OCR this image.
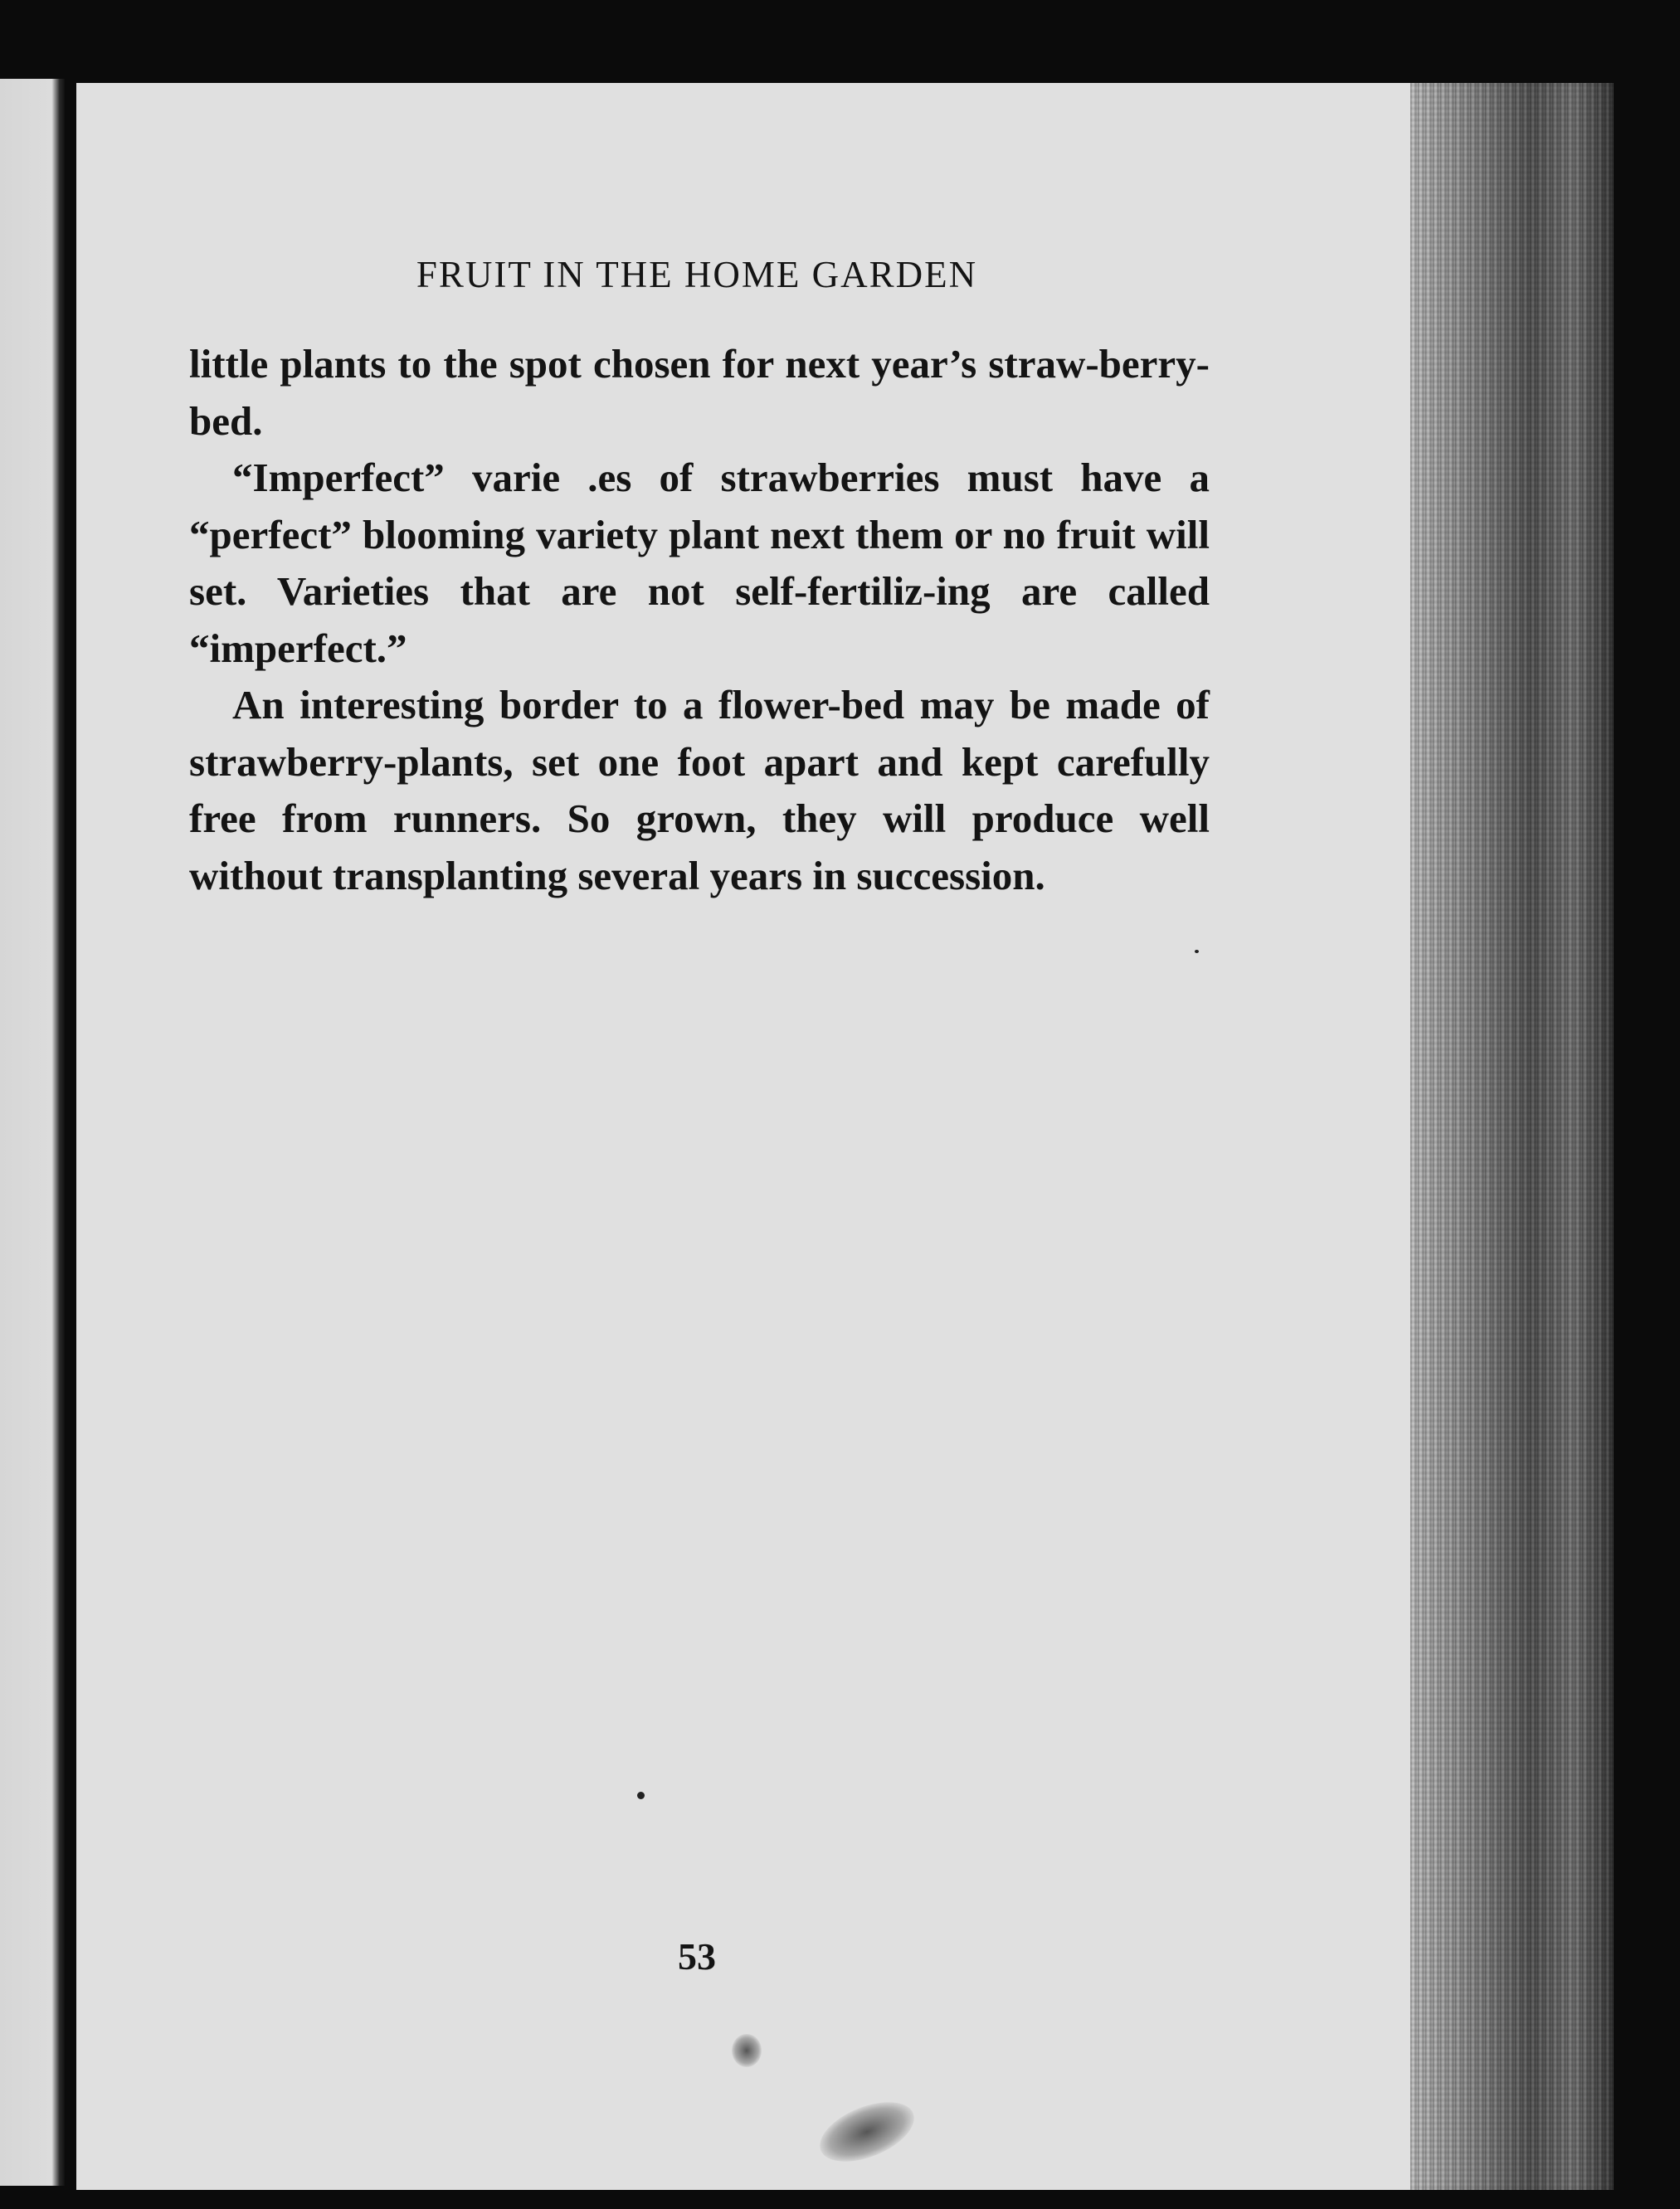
FRUIT IN THE HOME GARDEN

little plants to the spot chosen for next year’s straw-berry-bed.

“Imperfect” varie .es of strawberries must have a “perfect” blooming variety plant next them or no fruit will set. Varieties that are not self-fertiliz-ing are called “imperfect.”

An interesting border to a flower-bed may be made of strawberry-plants, set one foot apart and kept carefully free from runners. So grown, they will produce well without transplanting several years in succession.

53
